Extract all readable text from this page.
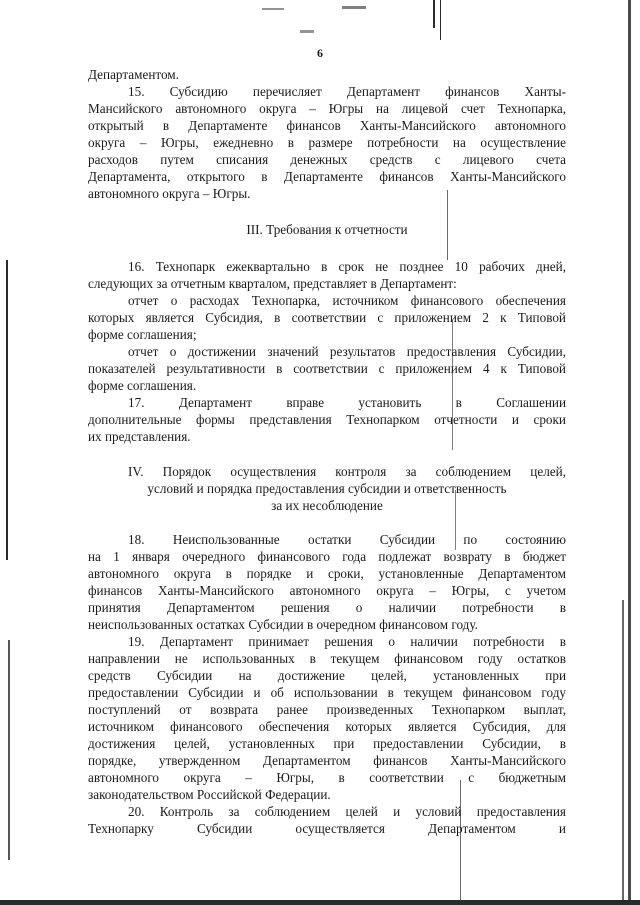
6
Департаментом.
15. Субсидию перечисляет Департамент финансов Ханты-
Мансийского автономного округа – Югры на лицевой счет Технопарка,
открытый в Департаменте финансов Ханты-Мансийского автономного
округа – Югры, ежедневно в размере потребности на осуществление
расходов путем списания денежных средств с лицевого счета
Департамента, открытого в Департаменте финансов Ханты-Мансийского
автономного округа – Югры.
III. Требования к отчетности
16. Технопарк ежеквартально в срок не позднее 10 рабочих дней,
следующих за отчетным кварталом, представляет в Департамент:
отчет о расходах Технопарка, источником финансового обеспечения
которых является Субсидия, в соответствии с приложением 2 к Типовой
форме соглашения;
отчет о достижении значений результатов предоставления Субсидии,
показателей результативности в соответствии с приложением 4 к Типовой
форме соглашения.
17. Департамент вправе установить в Соглашении
дополнительные формы представления Технопарком отчетности и сроки
их представления.
IV. Порядок осуществления контроля за соблюдением целей,
условий и порядка предоставления субсидии и ответственность
за их несоблюдение
18. Неиспользованные остатки Субсидии по состоянию
на 1 января очередного финансового года подлежат возврату в бюджет
автономного округа в порядке и сроки, установленные Департаментом
финансов Ханты-Мансийского автономного округа – Югры, с учетом
принятия Департаментом решения о наличии потребности в
неиспользованных остатках Субсидии в очередном финансовом году.
19. Департамент принимает решения о наличии потребности в
направлении не использованных в текущем финансовом году остатков
средств Субсидии на достижение целей, установленных при
предоставлении Субсидии и об использовании в текущем финансовом году
поступлений от возврата ранее произведенных Технопарком выплат,
источником финансового обеспечения которых является Субсидия, для
достижения целей, установленных при предоставлении Субсидии, в
порядке, утвержденном Департаментом финансов Ханты-Мансийского
автономного округа – Югры, в соответствии с бюджетным
законодательством Российской Федерации.
20. Контроль за соблюдением целей и условий предоставления
Технопарку Субсидии осуществляется Департаментом и
